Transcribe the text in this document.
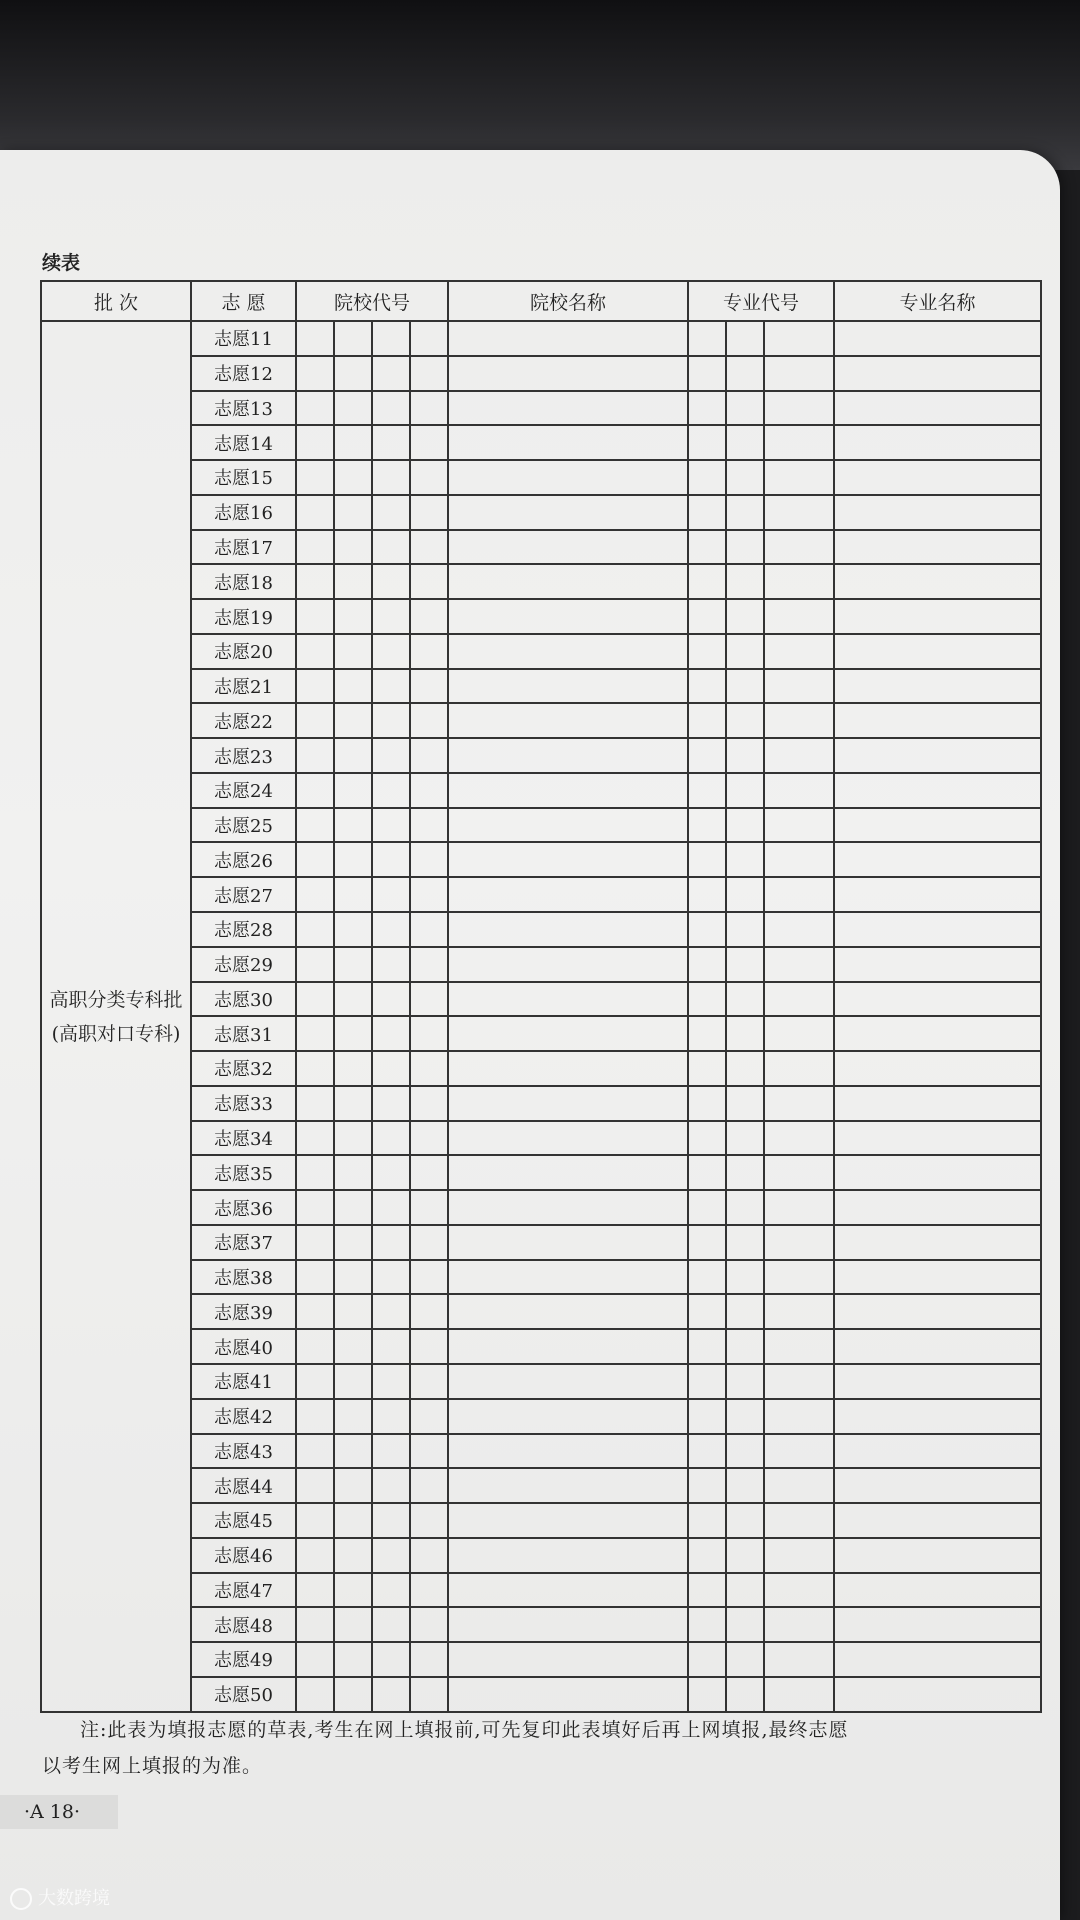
续表
批 次	志 愿	院校代号				院校名称	专业代号			专业名称

高职分类专科批
(高职对口专科)	志愿11									
	志愿12									
	志愿13									
	志愿14									
	志愿15									
	志愿16									
	志愿17									
	志愿18									
	志愿19									
	志愿20									
	志愿21									
	志愿22									
	志愿23									
	志愿24									
	志愿25									
	志愿26									
	志愿27									
	志愿28									
	志愿29									
	志愿30									
	志愿31									
	志愿32									
	志愿33									
	志愿34									
	志愿35									
	志愿36									
	志愿37									
	志愿38									
	志愿39									
	志愿40									
	志愿41									
	志愿42									
	志愿43									
	志愿44									
	志愿45									
	志愿46									
	志愿47									
	志愿48									
	志愿49									
	志愿50									
注:此表为填报志愿的草表,考生在网上填报前,可先复印此表填好后再上网填报,最终志愿
以考生网上填报的为准。
·A 18·
大数跨境
